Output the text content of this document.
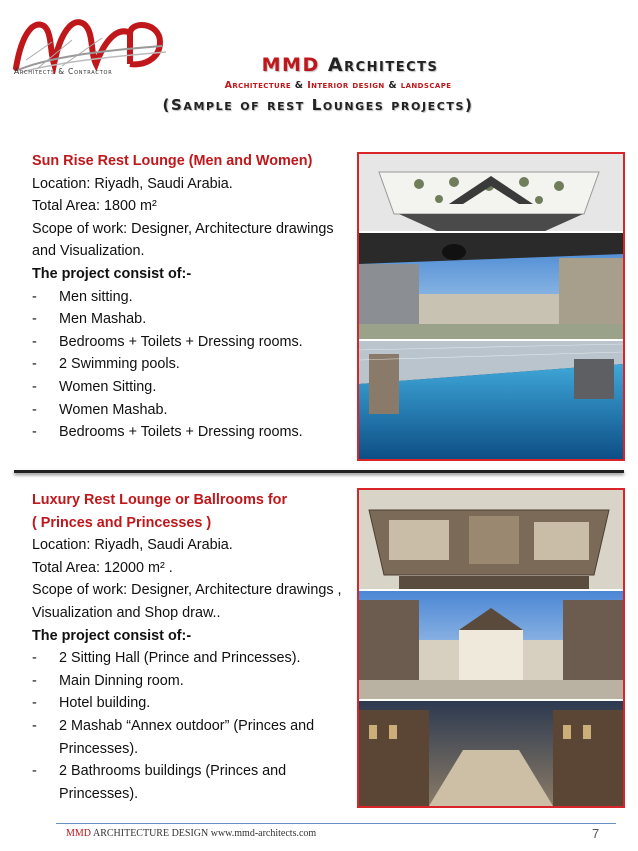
Architects & Contractor	MMD Architects
Architecture & Interior design & landscape
(Sample of rest Lounges projects)
Sun Rise Rest Lounge (Men and Women)
Location: Riyadh, Saudi Arabia.
Total Area: 1800 m²
Scope of work: Designer, Architecture drawings and Visualization.
The project consist of:-
-	Men sitting.
-	Men Mashab.
-	Bedrooms + Toilets + Dressing rooms.
-	2 Swimming pools.
-	Women Sitting.
-	Women Mashab.
-	Bedrooms + Toilets + Dressing rooms.
Luxury Rest Lounge or Ballrooms for
( Princes and Princesses )
Location: Riyadh, Saudi Arabia.
Total Area: 12000 m² .
Scope of work: Designer, Architecture drawings , Visualization and Shop draw..
The project consist of:-
-	2 Sitting Hall (Prince and Princesses).
-	Main Dinning room.
-	Hotel building.
-	2 Mashab “Annex outdoor” (Princes and Princesses).
-	2 Bathrooms buildings (Princes and Princesses).
MMD ARCHITECTURE DESIGN www.mmd-architects.com	7
